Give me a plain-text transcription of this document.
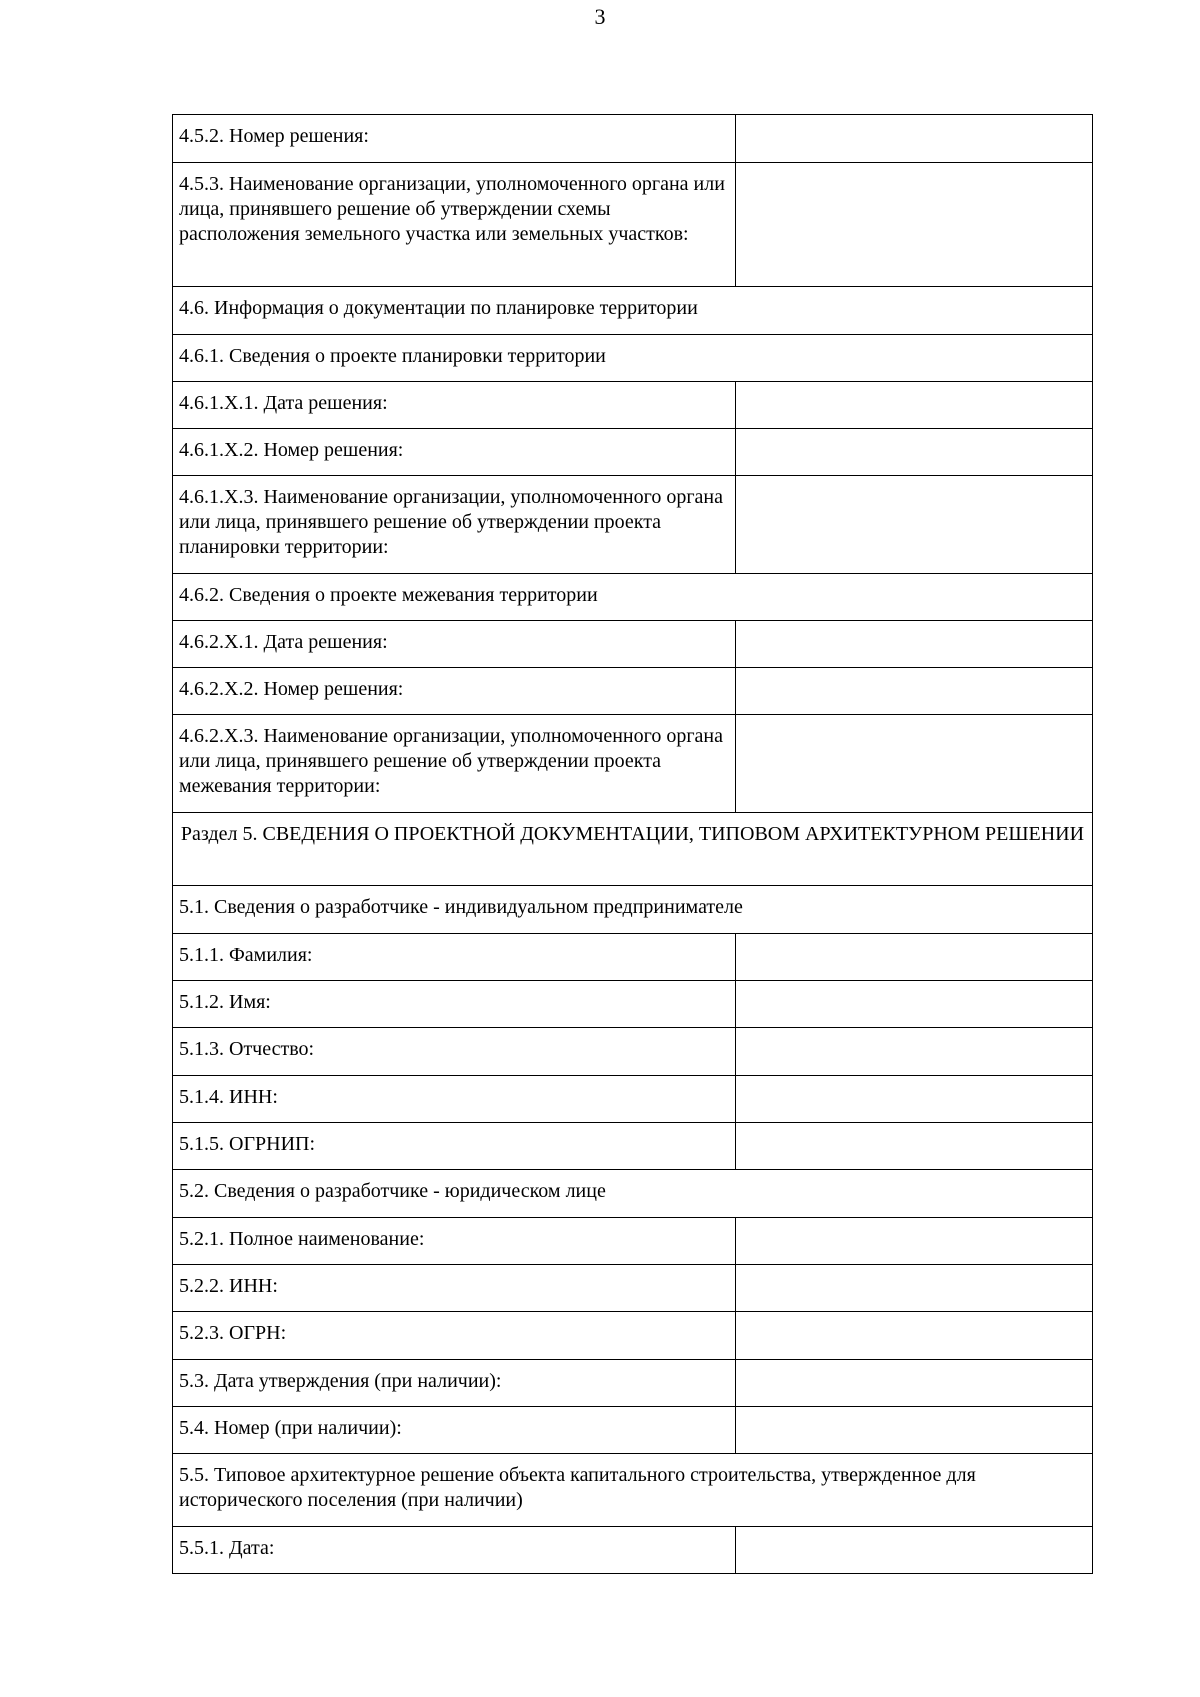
3
4.5.2. Номер решения:	
4.5.3. Наименование организации, уполномоченного органа или лица, принявшего решение об утверждении схемы расположения земельного участка или земельных участков:	
4.6. Информация о документации по планировке территории	
4.6.1. Сведения о проекте планировки территории	
4.6.1.X.1. Дата решения:	
4.6.1.X.2. Номер решения:	
4.6.1.X.3. Наименование организации, уполномоченного органа или лица, принявшего решение об утверждении проекта планировки территории:	
4.6.2. Сведения о проекте межевания территории	
4.6.2.X.1. Дата решения:	
4.6.2.X.2. Номер решения:	
4.6.2.X.3. Наименование организации, уполномоченного органа или лица, принявшего решение об утверждении проекта межевания территории:	
Раздел 5. СВЕДЕНИЯ О ПРОЕКТНОЙ ДОКУМЕНТАЦИИ, ТИПОВОМ АРХИТЕКТУРНОМ РЕШЕНИИ	
5.1. Сведения о разработчике - индивидуальном предпринимателе	
5.1.1. Фамилия:	
5.1.2. Имя:	
5.1.3. Отчество:	
5.1.4. ИНН:	
5.1.5. ОГРНИП:	
5.2. Сведения о разработчике - юридическом лице	
5.2.1. Полное наименование:	
5.2.2. ИНН:	
5.2.3. ОГРН:	
5.3. Дата утверждения (при наличии):	
5.4. Номер (при наличии):	
5.5. Типовое архитектурное решение объекта капитального строительства, утвержденное для исторического поселения (при наличии)	
5.5.1. Дата:	
